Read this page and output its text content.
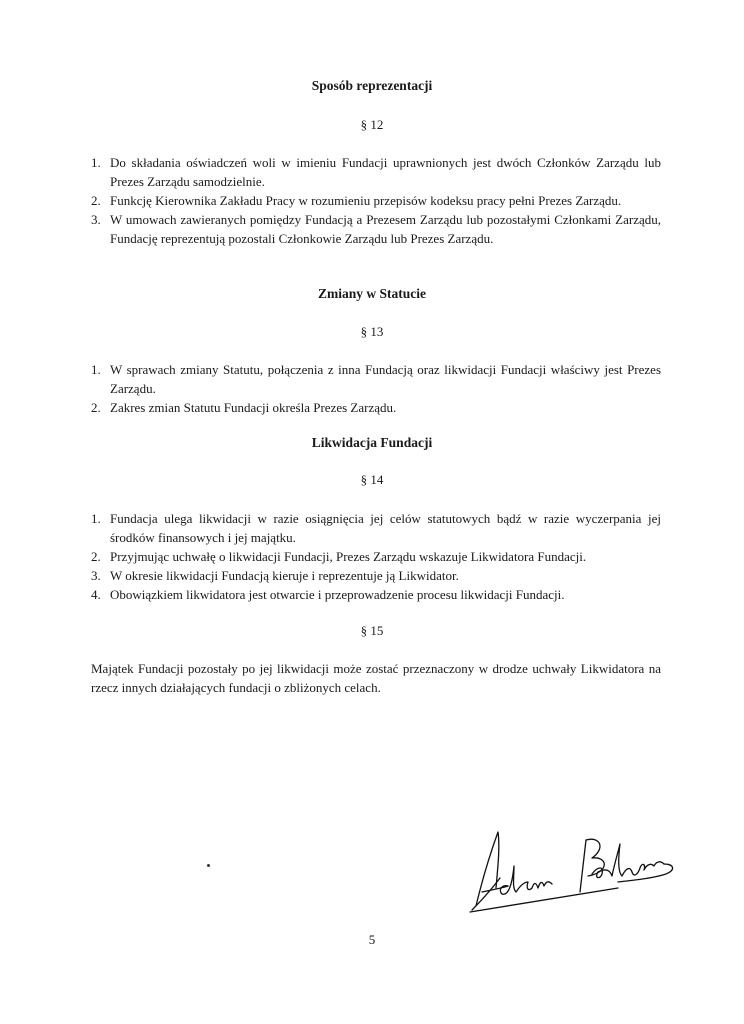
Sposób reprezentacji
§ 12
1. Do składania oświadczeń woli w imieniu Fundacji uprawnionych jest dwóch Członków Zarządu lub Prezes Zarządu samodzielnie.
2. Funkcję Kierownika Zakładu Pracy w rozumieniu przepisów kodeksu pracy pełni Prezes Zarządu.
3. W umowach zawieranych pomiędzy Fundacją a Prezesem Zarządu lub pozostałymi Członkami Zarządu, Fundację reprezentują pozostali Członkowie Zarządu lub Prezes Zarządu.
Zmiany w Statucie
§ 13
1. W sprawach zmiany Statutu, połączenia z inna Fundacją oraz likwidacji Fundacji właściwy jest Prezes Zarządu.
2. Zakres zmian Statutu Fundacji określa Prezes Zarządu.
Likwidacja Fundacji
§ 14
1. Fundacja ulega likwidacji w razie osiągnięcia jej celów statutowych bądź w razie wyczerpania jej środków finansowych i jej majątku.
2. Przyjmując uchwałę o likwidacji Fundacji, Prezes Zarządu wskazuje Likwidatora Fundacji.
3. W okresie likwidacji Fundacją kieruje i reprezentuje ją Likwidator.
4. Obowiązkiem likwidatora jest otwarcie i przeprowadzenie procesu likwidacji Fundacji.
§ 15

Majątek Fundacji pozostały po jej likwidacji może zostać przeznaczony w drodze uchwały Likwidatora na rzecz innych działających fundacji o zbliżonych celach.

5
